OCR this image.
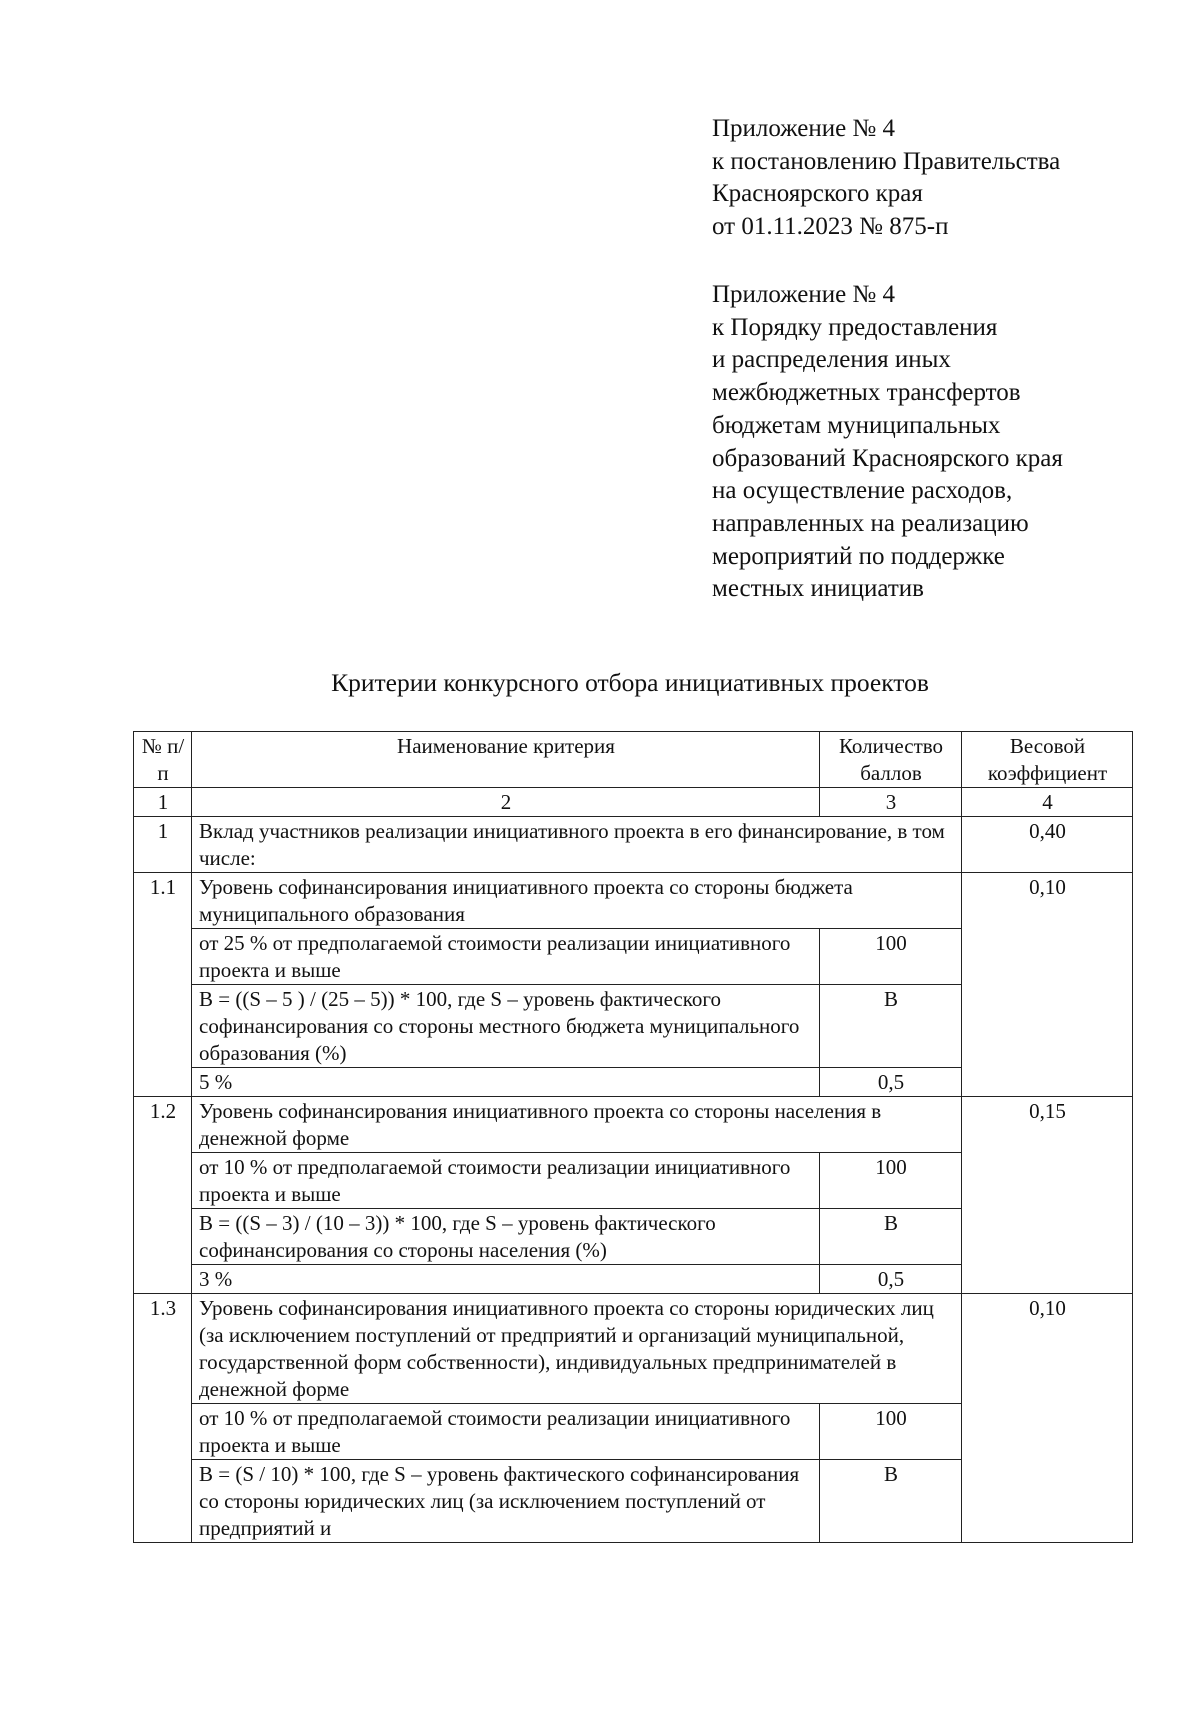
Приложение № 4

к постановлению Правительства

Красноярского края

от 01.11.2023 № 875-п

Приложение № 4

к Порядку предоставления

и распределения иных

межбюджетных трансфертов

бюджетам муниципальных

образований Красноярского края

на осуществление расходов,

направленных на реализацию

мероприятий по поддержке

местных инициатив

Критерии конкурсного отбора инициативных проектов
№ п/п	Наименование критерия	Количество баллов	Весовой коэффициент
1	2	3	4
1	Вклад участников реализации инициативного проекта в его финансирование, в том числе:		0,40
1.1	Уровень софинансирования инициативного проекта со стороны бюджета муниципального образования		0,10
	от 25 % от предполагаемой стоимости реализации инициативного проекта и выше	100	
	В = ((S – 5 ) / (25 – 5)) * 100, где S – уровень фактического софинансирования со стороны местного бюджета муниципального образования (%)	В	
	5 %	0,5	
1.2	Уровень софинансирования инициативного проекта со стороны населения в денежной форме		0,15
	от 10 % от предполагаемой стоимости реализации инициативного проекта и выше	100	
	В = ((S – 3) / (10 – 3)) * 100, где S – уровень фактического софинансирования со стороны населения (%)	В	
	3 %	0,5	
1.3	Уровень софинансирования инициативного проекта со стороны юридических лиц (за исключением поступлений от предприятий и организаций муниципальной, государственной форм собственности), индивидуальных предпринимателей в денежной форме		0,10
	от 10 % от предполагаемой стоимости реализации инициативного проекта и выше	100	
	В = (S / 10) * 100, где S – уровень фактического софинансирования со стороны юридических лиц (за исключением поступлений от предприятий и	В	
